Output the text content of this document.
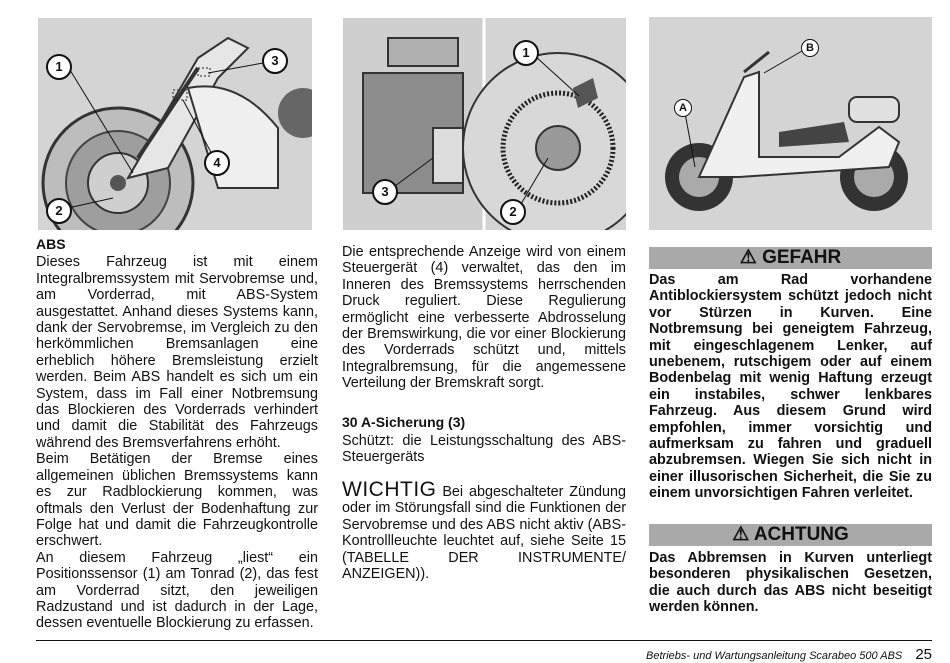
1
2
3
4
1
2
3
A
B
ABS

Dieses Fahrzeug ist mit einem Integralbremssystem mit Servobremse und, am Vorderrad, mit ABS-System ausgestattet. Anhand dieses Systems kann, dank der Servobremse, im Vergleich zu den herkömmlichen Bremsanlagen eine erheblich höhere Bremsleistung erzielt werden. Beim ABS handelt es sich um ein System, dass im Fall einer Notbremsung das Blockieren des Vorderrads verhindert und damit die Stabilität des Fahrzeugs während des Bremsverfahrens erhöht.

Beim Betätigen der Bremse eines allgemeinen üblichen Bremssystems kann es zur Radblockierung kommen, was oftmals den Verlust der Bodenhaftung zur Folge hat und damit die Fahrzeugkontrolle erschwert.

An diesem Fahrzeug „liest“ ein Positionssensor (1) am Tonrad (2), das fest am Vorderrad sitzt, den jeweiligen Radzustand und ist dadurch in der Lage, dessen eventuelle Blockierung zu erfassen.

Die entsprechende Anzeige wird von einem Steuergerät (4) verwaltet, das den im Inneren des Bremssystems herrschenden Druck reguliert. Diese Regulierung ermöglicht eine verbesserte Abdrosselung der Bremswirkung, die vor einer Blockierung des Vorderrads schützt und, mittels Integralbremsung, für die angemessene Verteilung der Bremskraft sorgt.

30 A-Sicherung (3)

Schützt: die Leistungsschaltung des ABS-Steuergeräts

WICHTIG Bei abgeschalteter Zündung oder im Störungsfall sind die Funktionen der Servobremse und des ABS nicht aktiv (ABS-Kontrollleuchte leuchtet auf, siehe Seite 15 (TABELLE DER INSTRUMENTE/ ANZEIGEN)).

⚠ GEFAHR
Das am Rad vorhandene Antiblockiersystem schützt jedoch nicht vor Stürzen in Kurven. Eine Notbremsung bei geneigtem Fahrzeug, mit eingeschlagenem Lenker, auf unebenem, rutschigem oder auf einem Bodenbelag mit wenig Haftung erzeugt ein instabiles, schwer lenkbares Fahrzeug. Aus diesem Grund wird empfohlen, immer vorsichtig und aufmerksam zu fahren und graduell abzubremsen. Wiegen Sie sich nicht in einer illusorischen Sicherheit, die Sie zu einem unvorsichtigen Fahren verleitet.
⚠ ACHTUNG
Das Abbremsen in Kurven unterliegt besonderen physikalischen Gesetzen, die auch durch das ABS nicht beseitigt werden können.
Betriebs- und Wartungsanleitung Scarabeo 500 ABS 25
